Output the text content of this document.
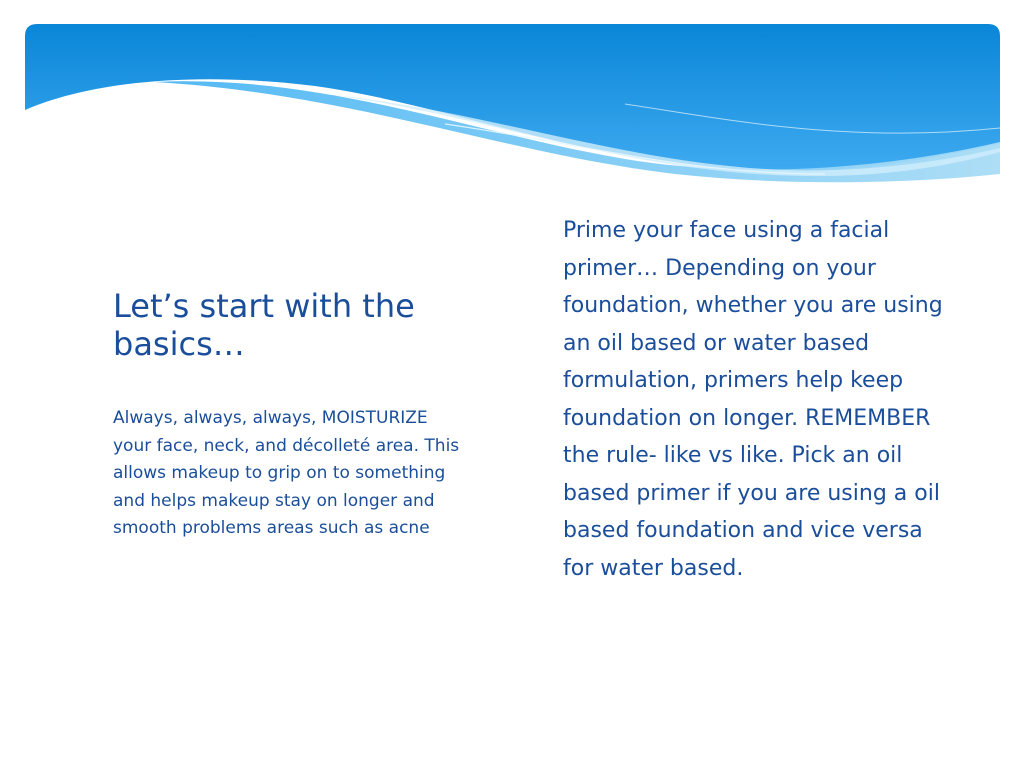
Let’s start with the basics…

Always, always, always, MOISTURIZE your face, neck, and décolleté area. This allows makeup to grip on to something and helps makeup stay on longer and smooth problems areas such as acne

Prime your face using a facial primer… Depending on your foundation, whether you are using an oil based or water based formulation, primers help keep foundation on longer. REMEMBER the rule- like vs like. Pick an oil based primer if you are using a oil based foundation and vice versa for water based.
